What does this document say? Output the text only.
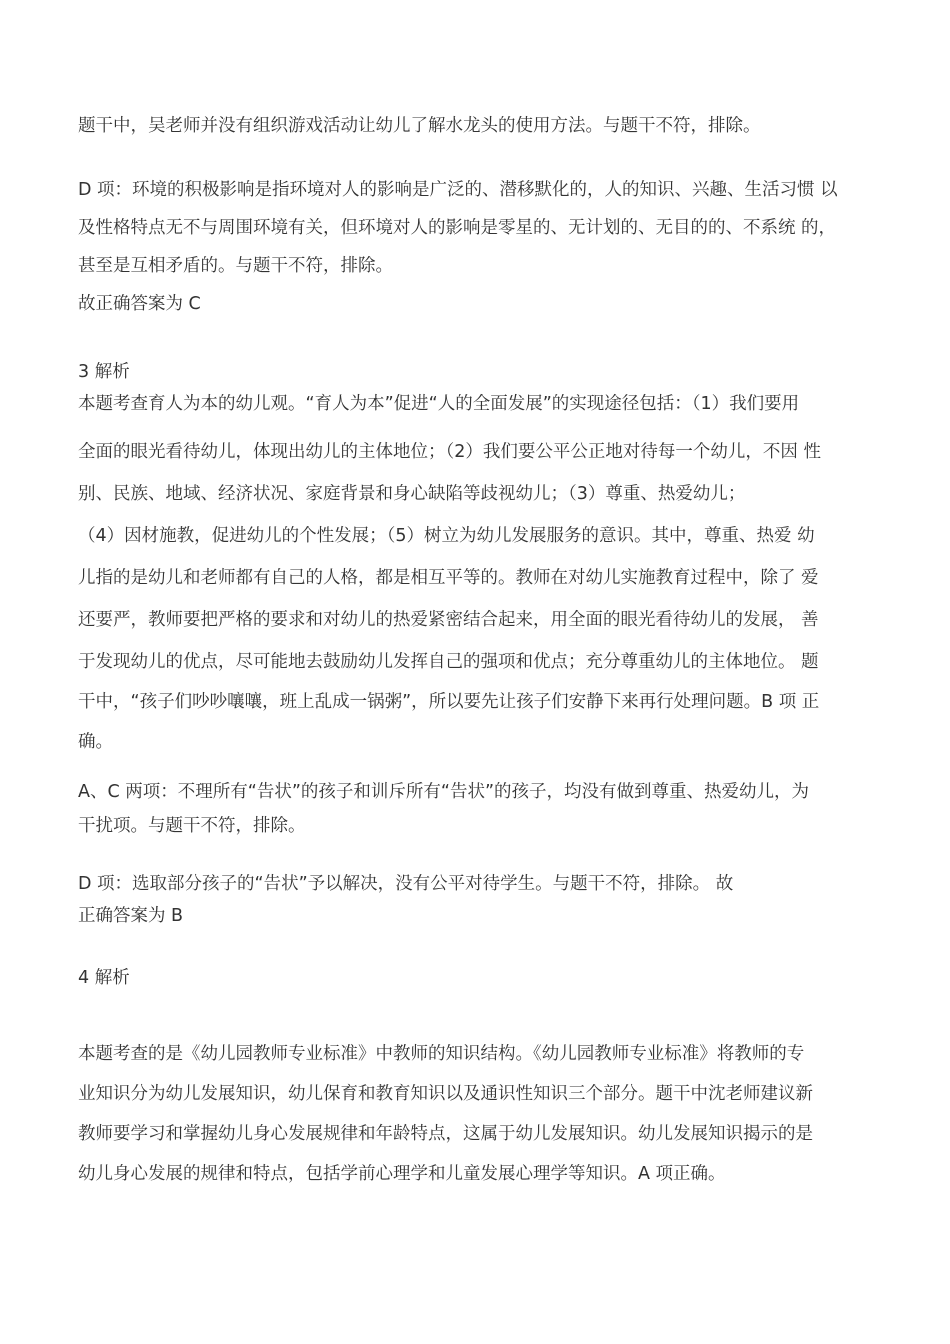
题干中，吴老师并没有组织游戏活动让幼儿了解水龙头的使用方法。与题干不符，排除。

D 项：环境的积极影响是指环境对人的影响是广泛的、潜移默化的，人的知识、兴趣、生活习惯 以

及性格特点无不与周围环境有关，但环境对人的影响是零星的、无计划的、无目的的、不系统 的，

甚至是互相矛盾的。与题干不符，排除。

故正确答案为 C

3 解析

本题考查育人为本的幼儿观。“育人为本”促进“人的全面发展”的实现途径包括：（1）我们要用

全面的眼光看待幼儿，体现出幼儿的主体地位；（2）我们要公平公正地对待每一个幼儿，不因 性

别、民族、地域、经济状况、家庭背景和身心缺陷等歧视幼儿；（3）尊重、热爱幼儿；

（4）因材施教，促进幼儿的个性发展；（5）树立为幼儿发展服务的意识。其中，尊重、热爱 幼

儿指的是幼儿和老师都有自己的人格，都是相互平等的。教师在对幼儿实施教育过程中，除了 爱

还要严，教师要把严格的要求和对幼儿的热爱紧密结合起来，用全面的眼光看待幼儿的发展， 善

于发现幼儿的优点，尽可能地去鼓励幼儿发挥自己的强项和优点；充分尊重幼儿的主体地位。 题

干中，“孩子们吵吵嚷嚷，班上乱成一锅粥”，所以要先让孩子们安静下来再行处理问题。B 项 正

确。

A、C 两项：不理所有“告状”的孩子和训斥所有“告状”的孩子，均没有做到尊重、热爱幼儿，为

干扰项。与题干不符，排除。

D 项：选取部分孩子的“告状”予以解决，没有公平对待学生。与题干不符，排除。 故

正确答案为 B

4 解析

本题考查的是《幼儿园教师专业标准》中教师的知识结构。《幼儿园教师专业标准》将教师的专

业知识分为幼儿发展知识，幼儿保育和教育知识以及通识性知识三个部分。题干中沈老师建议新

教师要学习和掌握幼儿身心发展规律和年龄特点，这属于幼儿发展知识。幼儿发展知识揭示的是

幼儿身心发展的规律和特点，包括学前心理学和儿童发展心理学等知识。A 项正确。
